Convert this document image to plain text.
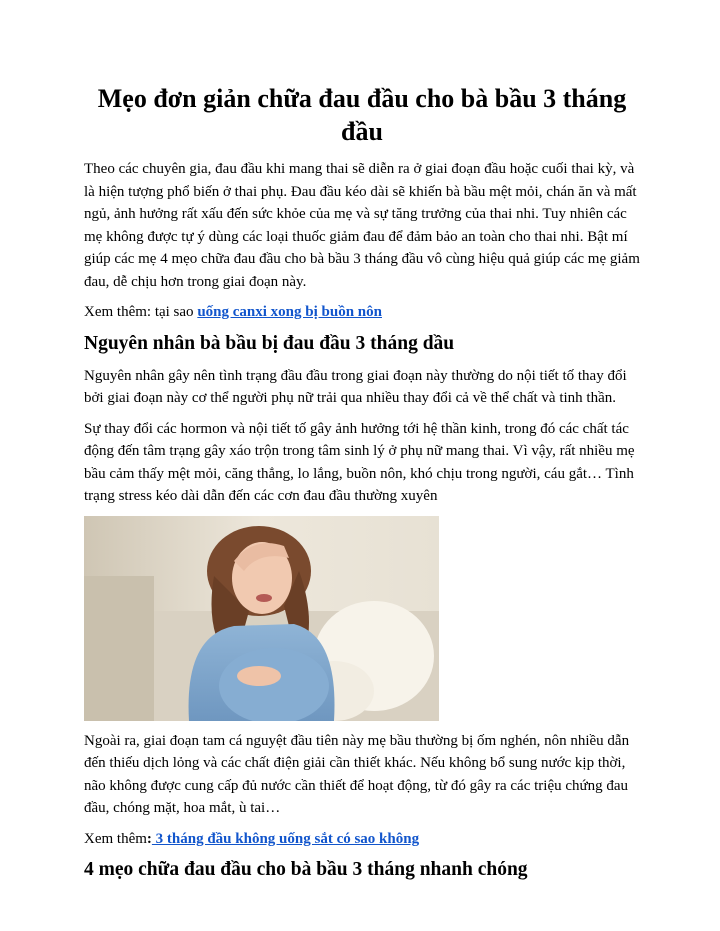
Mẹo đơn giản chữa đau đầu cho bà bầu 3 tháng đầu

Theo các chuyên gia, đau đầu khi mang thai sẽ diễn ra ở giai đoạn đầu hoặc cuối thai kỳ, và là hiện tượng phổ biến ở thai phụ. Đau đầu kéo dài sẽ khiến bà bầu mệt mỏi, chán ăn và mất ngủ, ảnh hưởng rất xấu đến sức khỏe của mẹ và sự tăng trưởng của thai nhi. Tuy nhiên các mẹ không được tự ý dùng các loại thuốc giảm đau để đảm bảo an toàn cho thai nhi. Bật mí giúp các mẹ 4 mẹo chữa đau đầu cho bà bầu 3 tháng đầu vô cùng hiệu quả giúp các mẹ giảm đau, dễ chịu hơn trong giai đoạn này.

Xem thêm: tại sao uống canxi xong bị buồn nôn

Nguyên nhân bà bầu bị đau đầu 3 tháng dầu

Nguyên nhân gây nên tình trạng đầu đầu trong giai đoạn này thường do nội tiết tố thay đổi bởi giai đoạn này cơ thể người phụ nữ trải qua nhiều thay đổi cả về thể chất và tinh thần.

Sự thay đổi các hormon và nội tiết tố gây ảnh hưởng tới hệ thần kinh, trong đó các chất tác động đến tâm trạng gây xáo trộn trong tâm sinh lý ở phụ nữ mang thai. Vì vậy, rất nhiều mẹ bầu cảm thấy mệt mỏi, căng thẳng, lo lắng, buồn nôn, khó chịu trong người, cáu gắt… Tình trạng stress kéo dài dẫn đến các cơn đau đầu thường xuyên

Ngoài ra, giai đoạn tam cá nguyệt đầu tiên này mẹ bầu thường bị ốm nghén, nôn nhiều dẫn đến thiếu dịch lỏng và các chất điện giải cần thiết khác. Nếu không bổ sung nước kịp thời, não không được cung cấp đủ nước cần thiết để hoạt động, từ đó gây ra các triệu chứng đau đầu, chóng mặt, hoa mắt, ù tai…

Xem thêm: 3 tháng đầu không uống sắt có sao không

4 mẹo chữa đau đầu cho bà bầu 3 tháng nhanh chóng
